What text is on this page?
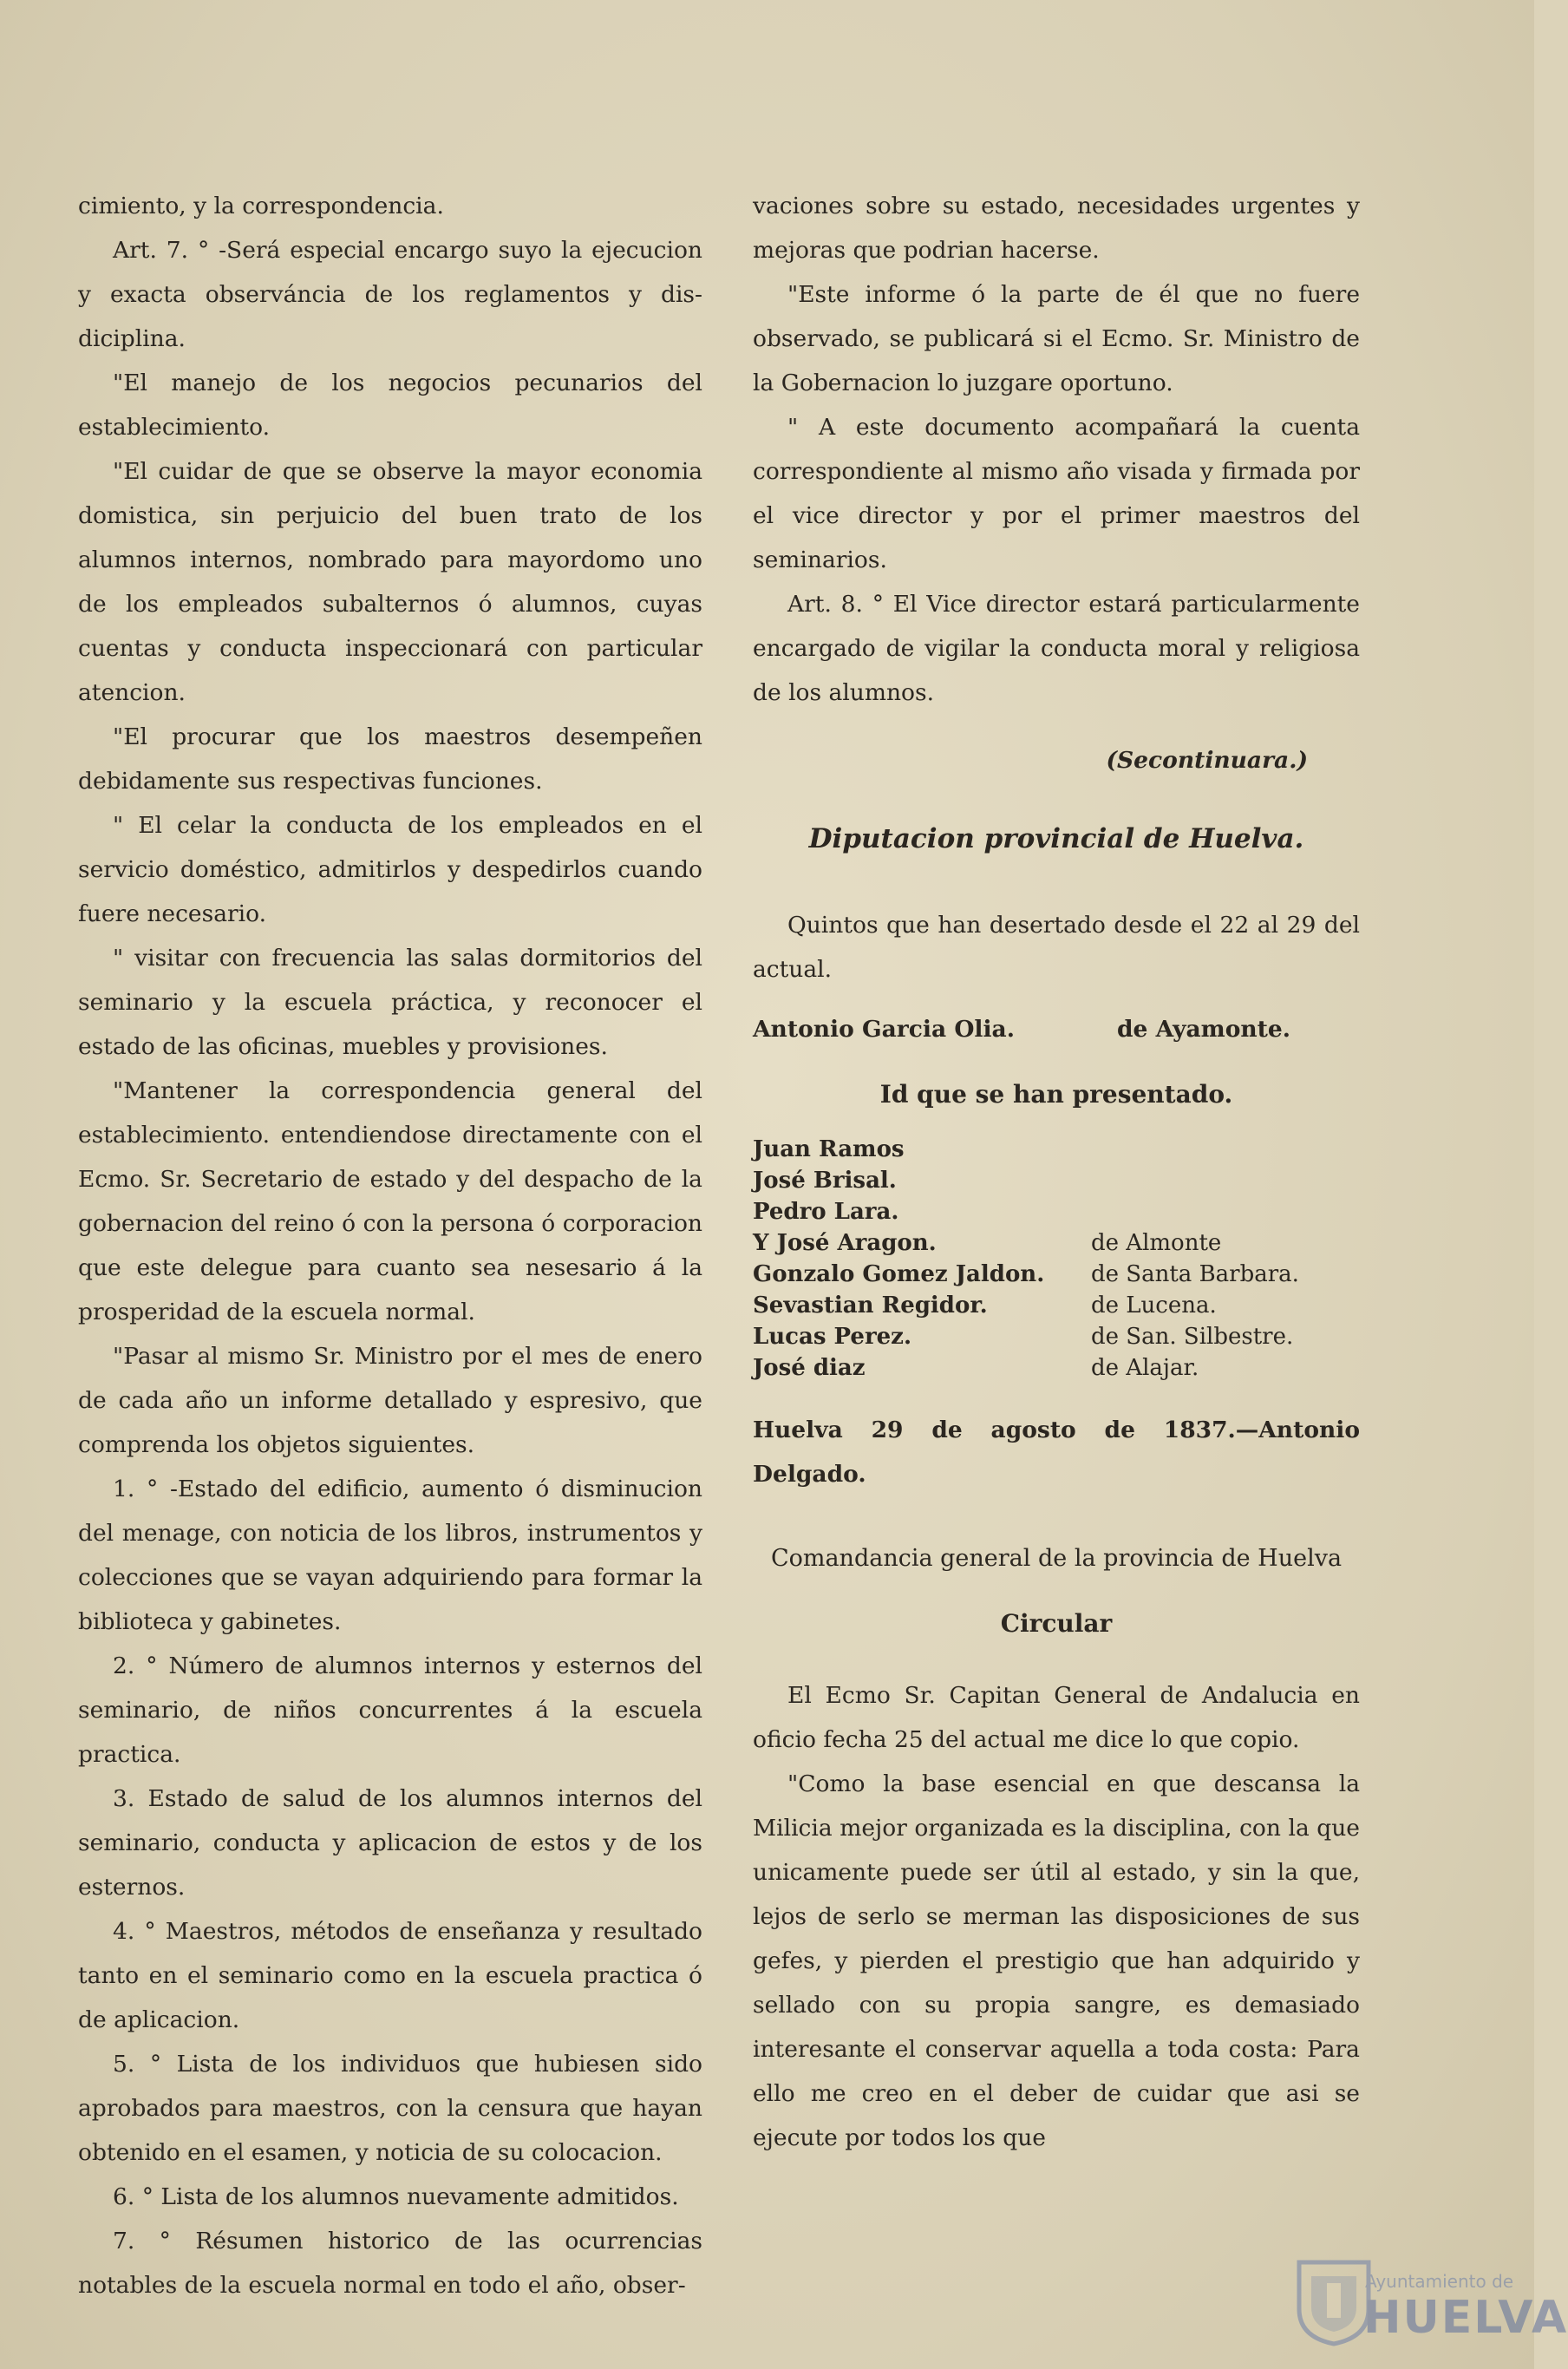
cimiento, y la correspondencia.

Art. 7. ° -Será especial encargo suyo la ejecucion y exacta observáncia de los reglamentos y dis-diciplina.

"El manejo de los negocios pecunarios del establecimiento.

"El cuidar de que se observe la mayor economia domistica, sin perjuicio del buen trato de los alumnos internos, nombrado para mayordomo uno de los empleados subalternos ó alumnos, cuyas cuentas y conducta inspeccionará con particular atencion.

"El procurar que los maestros desempeñen debidamente sus respectivas funciones.

" El celar la conducta de los empleados en el servicio doméstico, admitirlos y despedirlos cuando fuere necesario.

" visitar con frecuencia las salas dormitorios del seminario y la escuela práctica, y reconocer el estado de las oficinas, muebles y provisiones.

"Mantener la correspondencia general del establecimiento. entendiendose directamente con el Ecmo. Sr. Secretario de estado y del despacho de la gobernacion del reino ó con la persona ó corporacion que este delegue para cuanto sea nesesario á la prosperidad de la escuela normal.

"Pasar al mismo Sr. Ministro por el mes de enero de cada año un informe detallado y espresivo, que comprenda los objetos siguientes.

1. ° -Estado del edificio, aumento ó disminucion del menage, con noticia de los libros, instrumentos y colecciones que se vayan adquiriendo para formar la biblioteca y gabinetes.

2. ° Número de alumnos internos y esternos del seminario, de niños concurrentes á la escuela practica.

3. Estado de salud de los alumnos internos del seminario, conducta y aplicacion de estos y de los esternos.

4. ° Maestros, métodos de enseñanza y resultado tanto en el seminario como en la escuela practica ó de aplicacion.

5. ° Lista de los individuos que hubiesen sido aprobados para maestros, con la censura que hayan obtenido en el esamen, y noticia de su colocacion.

6. ° Lista de los alumnos nuevamente admitidos.

7. ° Résumen historico de las ocurrencias notables de la escuela normal en todo el año, obser-

vaciones sobre su estado, necesidades urgentes y mejoras que podrian hacerse.

"Este informe ó la parte de él que no fuere observado, se publicará si el Ecmo. Sr. Ministro de la Gobernacion lo juzgare oportuno.

" A este documento acompañará la cuenta correspondiente al mismo año visada y firmada por el vice director y por el primer maestros del seminarios.

Art. 8. ° El Vice director estará particularmente encargado de vigilar la conducta moral y religiosa de los alumnos.

(Secontinuara.)

Diputacion provincial de Huelva.

Quintos que han desertado desde el 22 al 29 del actual.

Antonio Garcia Olia.	de Ayamonte.
Id que se han presentado.
Juan Ramos	
José Brisal.	
Pedro Lara.	
Y José Aragon.	de Almonte
Gonzalo Gomez Jaldon.	de Santa Barbara.
Sevastian Regidor.	de Lucena.
Lucas Perez.	de San. Silbestre.
José diaz	de Alajar.

Huelva 29 de agosto de 1837.—Antonio Delgado.

Comandancia general de la provincia de Huelva
Circular

El Ecmo Sr. Capitan General de Andalucia en oficio fecha 25 del actual me dice lo que copio.

"Como la base esencial en que descansa la Milicia mejor organizada es la disciplina, con la que unicamente puede ser útil al estado, y sin la que, lejos de serlo se merman las disposiciones de sus gefes, y pierden el prestigio que han adquirido y sellado con su propia sangre, es demasiado interesante el conservar aquella a toda costa: Para ello me creo en el deber de cuidar que asi se ejecute por todos los que

Ayuntamiento de
HUELVA
